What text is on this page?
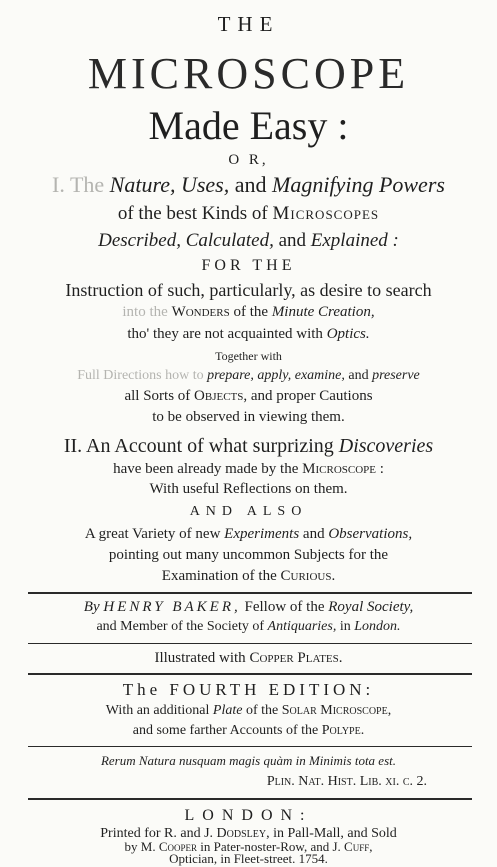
THE
MICROSCOPE
Made Easy :
O R,
I. The Nature, Uses, and Magnifying Powers
of the best Kinds of Microscopes
Described, Calculated, and Explained :
FOR THE
Instruction of such, particularly, as desire to search
into the Wonders of the Minute Creation,
tho' they are not acquainted with Optics.
Together with
Full Directions how to prepare, apply, examine, and preserve
all Sorts of Objects, and proper Cautions
to be observed in viewing them.
II. An Account of what surprizing Discoveries
have been already made by the Microscope :
With useful Reflections on them.
AND ALSO
A great Variety of new Experiments and Observations,
pointing out many uncommon Subjects for the
Examination of the Curious.
By HENRY BAKER, Fellow of the Royal Society,
and Member of the Society of Antiquaries, in London.
Illustrated with Copper Plates.
The FOURTH EDITION:
With an additional Plate of the Solar Microscope,
and some farther Accounts of the Polype.
Rerum Natura nusquam magis quàm in Minimis tota est.
Plin. Nat. Hist. Lib. xi. c. 2.
LONDON:
Printed for R. and J. Dodsley, in Pall-Mall, and Sold
by M. Cooper in Pater-noster-Row, and J. Cuff,
Optician, in Fleet-street. 1754.
